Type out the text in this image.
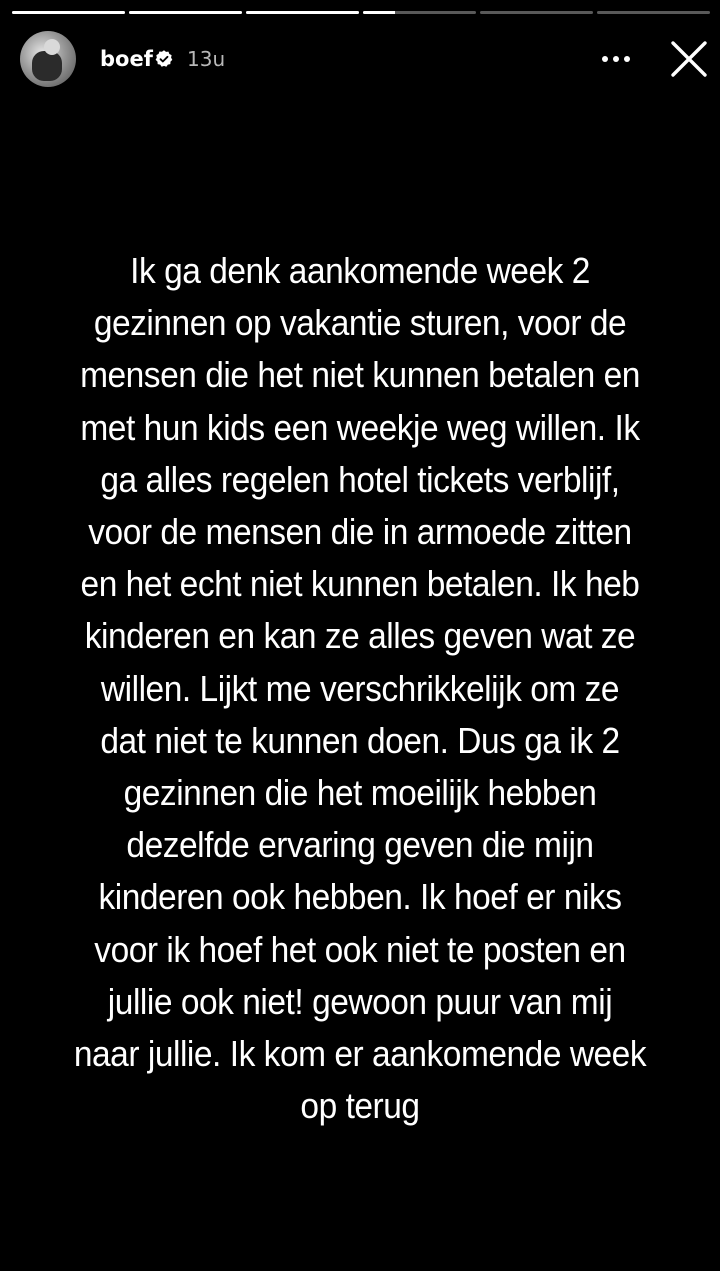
boef 13u
Ik ga denk aankomende week 2
gezinnen op vakantie sturen, voor de
mensen die het niet kunnen betalen en
met hun kids een weekje weg willen. Ik
ga alles regelen hotel tickets verblijf,
voor de mensen die in armoede zitten
en het echt niet kunnen betalen. Ik heb
kinderen en kan ze alles geven wat ze
willen. Lijkt me verschrikkelijk om ze
dat niet te kunnen doen. Dus ga ik 2
gezinnen die het moeilijk hebben
dezelfde ervaring geven die mijn
kinderen ook hebben. Ik hoef er niks
voor ik hoef het ook niet te posten en
jullie ook niet! gewoon puur van mij
naar jullie. Ik kom er aankomende week
op terug
